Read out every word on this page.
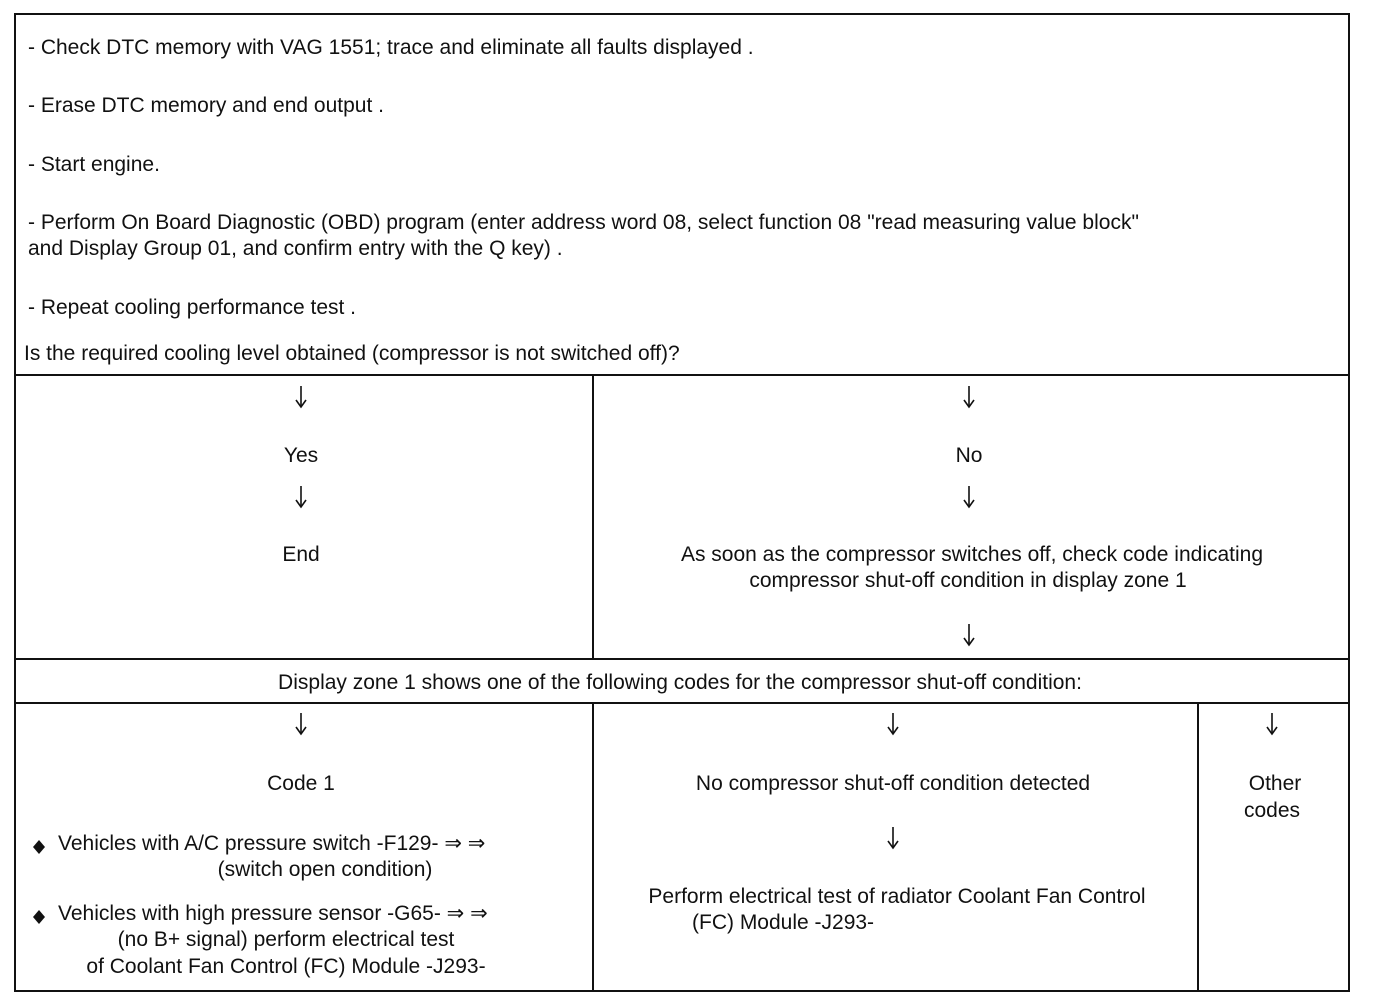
- Check DTC memory with VAG 1551; trace and eliminate all faults displayed .
- Erase DTC memory and end output .
- Start engine.
- Perform On Board Diagnostic (OBD) program (enter address word 08, select function 08 "read measuring value block"
and Display Group 01, and confirm entry with the Q key) .
- Repeat cooling performance test .
Is the required cooling level obtained (compressor is not switched off)?
Yes
End
No
As soon as the compressor switches off, check code indicating
compressor shut-off condition in display zone 1
Display zone 1 shows one of the following codes for the compressor shut-off condition:
Code 1
Vehicles with A/C pressure switch -F129- ⇒ ⇒
(switch open condition)
Vehicles with high pressure sensor -G65- ⇒ ⇒
(no B+ signal) perform electrical test
of Coolant Fan Control (FC) Module -J293-
No compressor shut-off condition detected
Perform electrical test of radiator Coolant Fan Control
(FC) Module -J293-
Other
codes
